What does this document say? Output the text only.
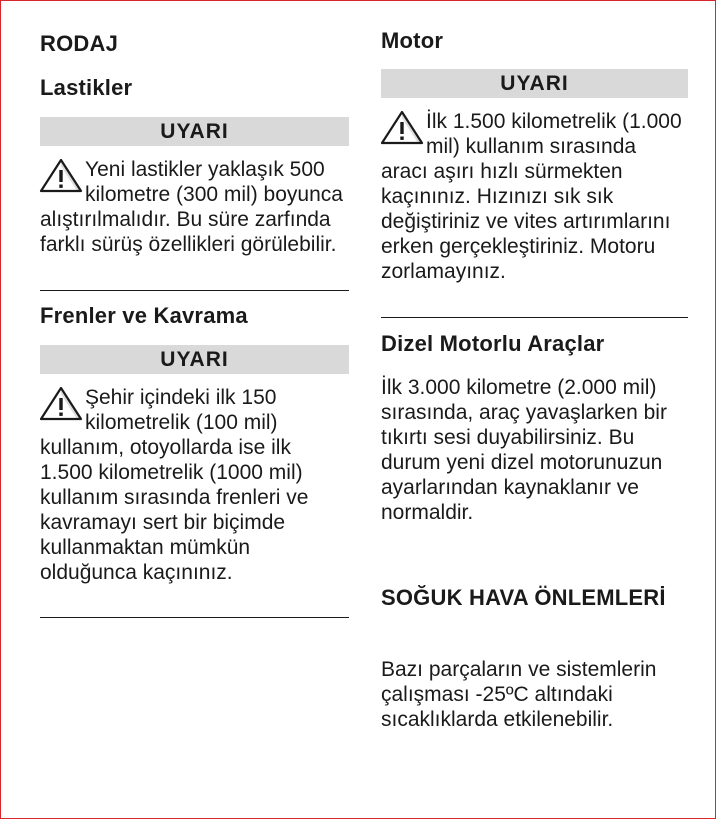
RODAJ
Lastikler
UYARI

Yeni lastikler yaklaşık 500 kilometre (300 mil) boyunca alıştırılmalıdır. Bu süre zarfında farklı sürüş özellikleri görülebilir.

Frenler ve Kavrama
UYARI

Şehir içindeki ilk 150 kilometrelik (100 mil) kullanım, otoyollarda ise ilk 1.500 kilometrelik (1000 mil) kullanım sırasında frenleri ve kavramayı sert bir biçimde kullanmaktan mümkün olduğunca kaçınınız.

Motor
UYARI

İlk 1.500 kilometrelik (1.000 mil) kullanım sırasında aracı aşırı hızlı sürmekten kaçınınız. Hızınızı sık sık değiştiriniz ve vites artırımlarını erken gerçekleştiriniz. Motoru zorlamayınız.

Dizel Motorlu Araçlar

İlk 3.000 kilometre (2.000 mil) sırasında, araç yavaşlarken bir tıkırtı sesi duyabilirsiniz. Bu durum yeni dizel motorunuzun ayarlarından kaynaklanır ve normaldir.

SOĞUK HAVA ÖNLEMLERİ

Bazı parçaların ve sistemlerin çalışması -25ºC altındaki sıcaklıklarda etkilenebilir.
